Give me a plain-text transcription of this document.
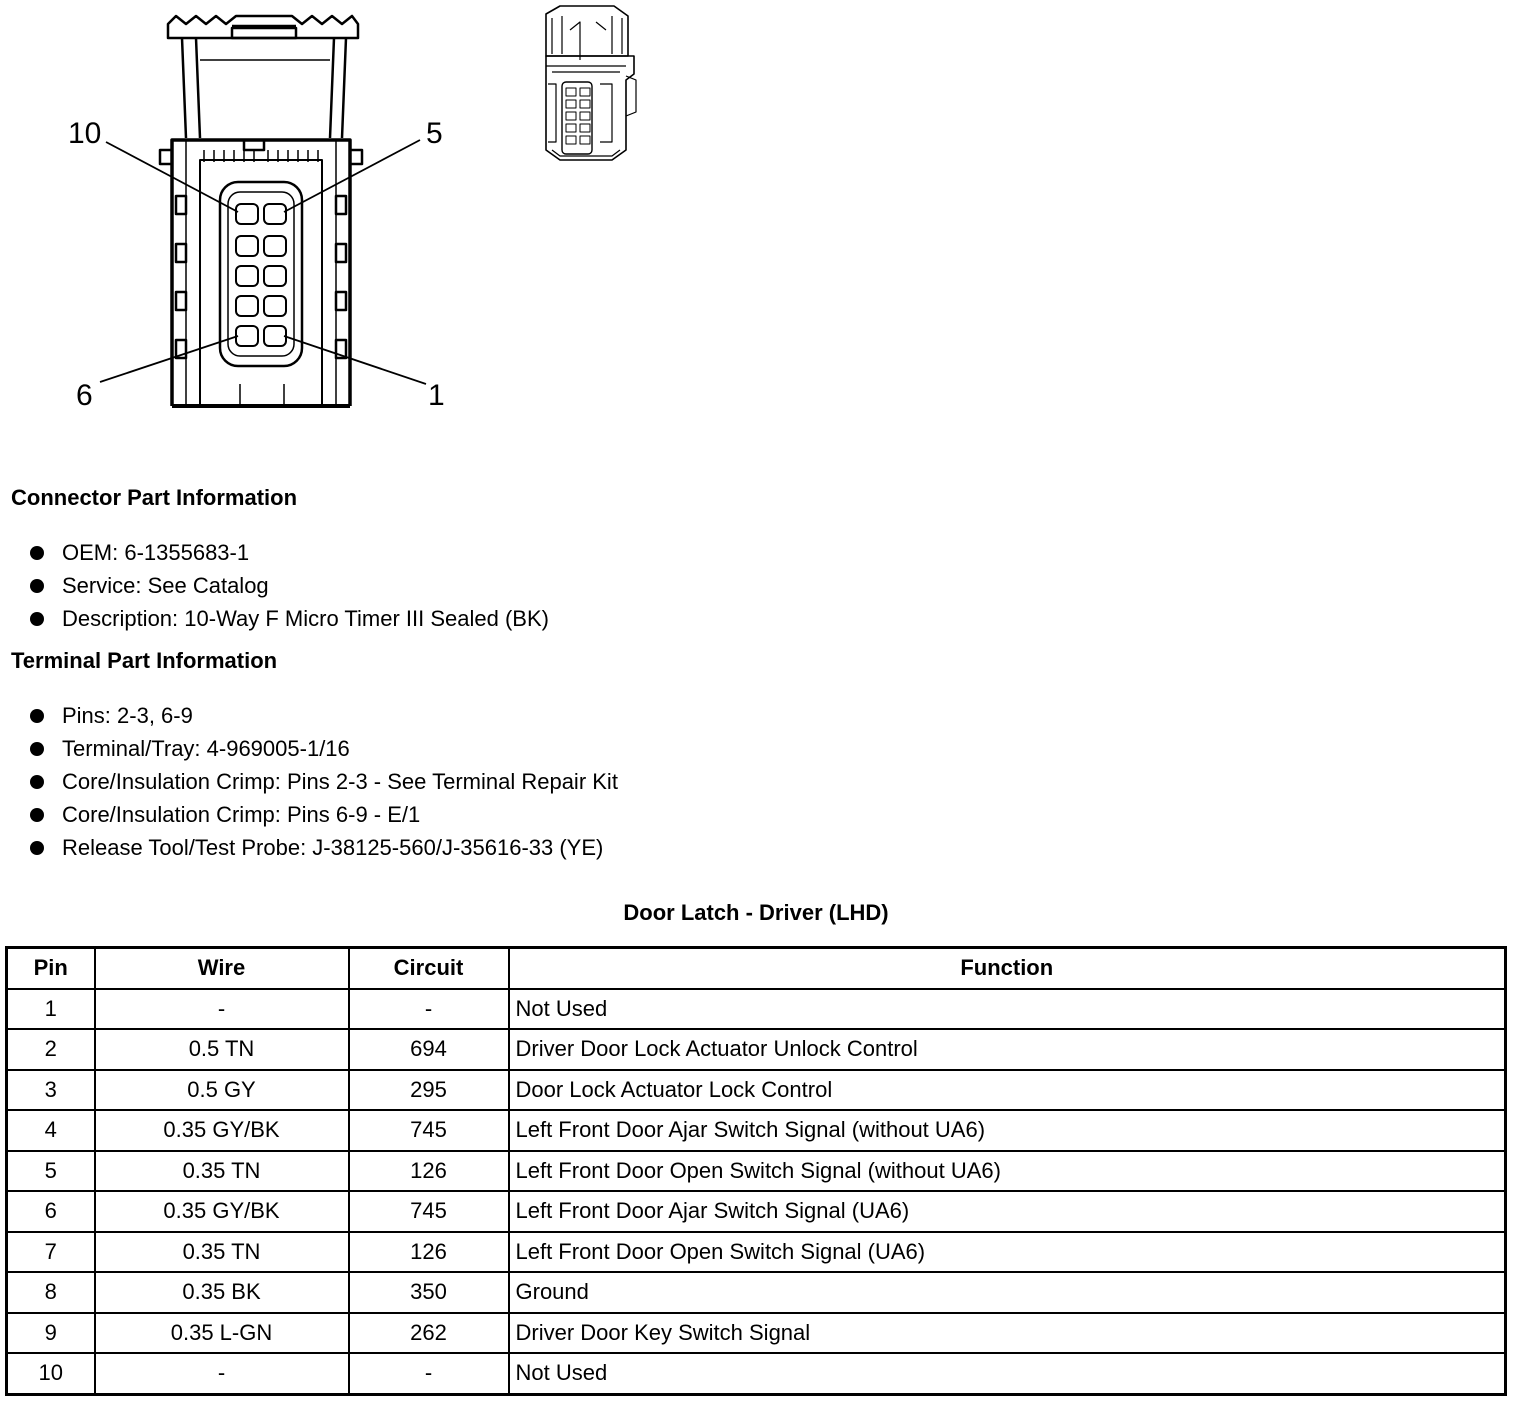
10	5
6	1
Connector Part Information
OEM: 6-1355683-1
Service: See Catalog
Description: 10-Way F Micro Timer III Sealed (BK)
Terminal Part Information
Pins: 2-3, 6-9
Terminal/Tray: 4-969005-1/16
Core/Insulation Crimp: Pins 2-3 - See Terminal Repair Kit
Core/Insulation Crimp: Pins 6-9 - E/1
Release Tool/Test Probe: J-38125-560/J-35616-33 (YE)
Door Latch - Driver (LHD)
Pin	Wire	Circuit	Function
1	-	-	Not Used
2	0.5 TN	694	Driver Door Lock Actuator Unlock Control
3	0.5 GY	295	Door Lock Actuator Lock Control
4	0.35 GY/BK	745	Left Front Door Ajar Switch Signal (without UA6)
5	0.35 TN	126	Left Front Door Open Switch Signal (without UA6)
6	0.35 GY/BK	745	Left Front Door Ajar Switch Signal (UA6)
7	0.35 TN	126	Left Front Door Open Switch Signal (UA6)
8	0.35 BK	350	Ground
9	0.35 L-GN	262	Driver Door Key Switch Signal
10	-	-	Not Used
